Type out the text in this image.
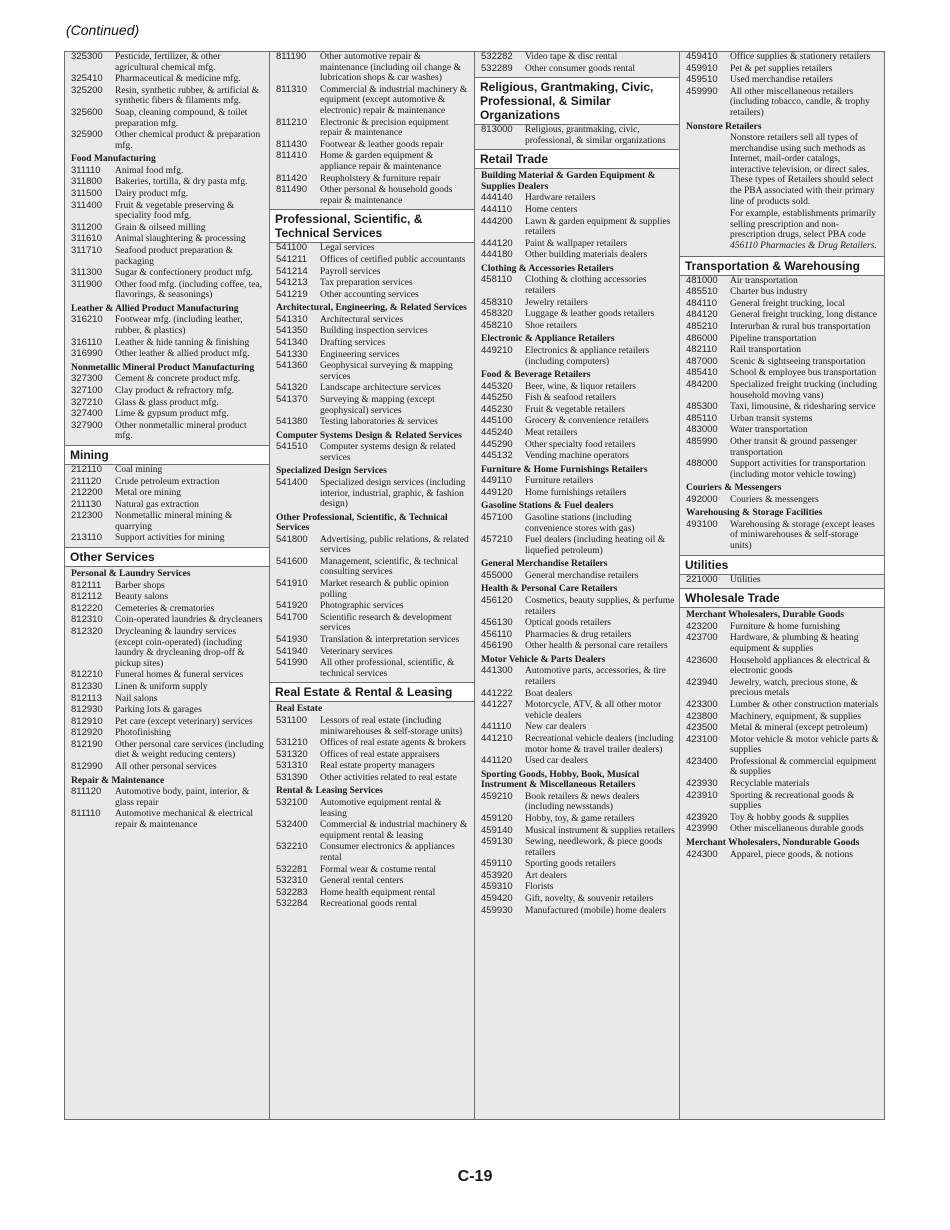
(Continued)
325300	Pesticide, fertilizer, & other agricultural chemical mfg.
325410	Pharmaceutical & medicine mfg.
325200	Resin, synthetic rubber, & artificial & synthetic fibers & filaments mfg.
325600	Soap, cleaning compound, & toilet preparation mfg.
325900	Other chemical product & preparation mfg.
Food Manufacturing
311110	Animal food mfg.
311800	Bakeries, tortilla, & dry pasta mfg.
311500	Dairy product mfg.
311400	Fruit & vegetable preserving & speciality food mfg.
311200	Grain & oilseed milling
311610	Animal slaughtering & processing
311710	Seafood product preparation & packaging
311300	Sugar & confectionery product mfg.
311900	Other food mfg. (including coffee, tea, flavorings, & seasonings)
Leather & Allied Product Manufacturing
316210	Footwear mfg. (including leather, rubber, & plastics)
316110	Leather & hide tanning & finishing
316990	Other leather & allied product mfg.
Nonmetallic Mineral Product Manufacturing
327300	Cement & concrete product mfg.
327100	Clay product & refractory mfg.
327210	Glass & glass product mfg.
327400	Lime & gypsum product mfg.
327900	Other nonmetallic mineral product mfg.
Mining
212110	Coal mining
211120	Crude petroleum extraction
212200	Metal ore mining
211130	Natural gas extraction
212300	Nonmetallic mineral mining & quarrying
213110	Support activities for mining
Other Services
Personal & Laundry Services
812111	Barber shops
812112	Beauty salons
812220	Cemeteries & crematories
812310	Coin-operated laundries & drycleaners
812320	Drycleaning & laundry services (except coin-operated) (including laundry & drycleaning drop-off & pickup sites)
812210	Funeral homes & funeral services
812330	Linen & uniform supply
812113	Nail salons
812930	Parking lots & garages
812910	Pet care (except veterinary) services
812920	Photofinishing
812190	Other personal care services (including diet & weight reducing centers)
812990	All other personal services
Repair & Maintenance
811120	Automotive body, paint, interior, & glass repair
811110	Automotive mechanical & electrical repair & maintenance
811190	Other automotive repair & maintenance (including oil change & lubrication shops & car washes)
811310	Commercial & industrial machinery & equipment (except automotive & electronic) repair & maintenance
811210	Electronic & precision equipment repair & maintenance
811430	Footwear & leather goods repair
811410	Home & garden equipment & appliance repair & maintenance
811420	Reupholstery & furniture repair
811490	Other personal & household goods repair & maintenance
Professional, Scientific, & Technical Services
541100	Legal services
541211	Offices of certified public accountants
541214	Payroll services
541213	Tax preparation services
541219	Other accounting services
Architectural, Engineering, & Related Services
541310	Architectural services
541350	Building inspection services
541340	Drafting services
541330	Engineering services
541360	Geophysical surveying & mapping services
541320	Landscape architecture services
541370	Surveying & mapping (except geophysical) services
541380	Testing laboratories & services
Computer Systems Design & Related Services
541510	Computer systems design & related services
Specialized Design Services
541400	Specialized design services (including interior, industrial, graphic, & fashion design)
Other Professional, Scientific, & Technical Services
541800	Advertising, public relations, & related services
541600	Management, scientific, & technical consulting services
541910	Market research & public opinion polling
541920	Photographic services
541700	Scientific research & development services
541930	Translation & interpretation services
541940	Veterinary services
541990	All other professional, scientific, & technical services
Real Estate & Rental & Leasing
Real Estate
531100	Lessors of real estate (including miniwarehouses & self-storage units)
531210	Offices of real estate agents & brokers
531320	Offices of real estate appraisers
531310	Real estate property managers
531390	Other activities related to real estate
Rental & Leasing Services
532100	Automotive equipment rental & leasing
532400	Commercial & industrial machinery & equipment rental & leasing
532210	Consumer electronics & appliances rental
532281	Formal wear & costume rental
532310	General rental centers
532283	Home health equipment rental
532284	Recreational goods rental
532282	Video tape & disc rental
532289	Other consumer goods rental
Religious, Grantmaking, Civic, Professional, & Similar Organizations
813000	Religious, grantmaking, civic, professional, & similar organizations
Retail Trade
Building Material & Garden Equipment & Supplies Dealers
444140	Hardware retailers
444110	Home centers
444200	Lawn & garden equipment & supplies retailers
444120	Paint & wallpaper retailers
444180	Other building materials dealers
Clothing & Accessories Retailers
458110	Clothing & clothing accessories retailers
458310	Jewelry retailers
458320	Luggage & leather goods retailers
458210	Shoe retailers
Electronic & Appliance Retailers
449210	Electronics & appliance retailers (including computers)
Food & Beverage Retailers
445320	Beer, wine, & liquor retailers
445250	Fish & seafood retailers
445230	Fruit & vegetable retailers
445100	Grocery & convenience retailers
445240	Meat retailers
445290	Other specialty food retailers
445132	Vending machine operators
Furniture & Home Furnishings Retailers
449110	Furniture retailers
449120	Home furnishings retailers
Gasoline Stations & Fuel dealers
457100	Gasoline stations (including convenience stores with gas)
457210	Fuel dealers (including heating oil & liquefied petroleum)
General Merchandise Retailers
455000	General merchandise retailers
Health & Personal Care Retailers
456120	Cosmetics, beauty supplies, & perfume retailers
456130	Optical goods retailers
456110	Pharmacies & drug retailers
456190	Other health & personal care retailers
Motor Vehicle & Parts Dealers
441300	Automotive parts, accessories, & tire retailers
441222	Boat dealers
441227	Motorcycle, ATV, & all other motor vehicle dealers
441110	New car dealers
441210	Recreational vehicle dealers (including motor home & travel trailer dealers)
441120	Used car dealers
Sporting Goods, Hobby, Book, Musical Instrument & Miscellaneous Retailers
459210	Book retailers & news dealers (including newsstands)
459120	Hobby, toy, & game retailers
459140	Musical instrument & supplies retailers
459130	Sewing, needlework, & piece goods retailers
459110	Sporting goods retailers
453920	Art dealers
459310	Florists
459420	Gift, novelty, & souvenir retailers
459930	Manufactured (mobile) home dealers
459410	Office supplies & stationery retailers
459910	Pet & pet supplies retailers
459510	Used merchandise retailers
459990	All other miscellaneous retailers (including tobacco, candle, & trophy retailers)
Nonstore Retailers
Nonstore retailers sell all types of merchandise using such methods as Internet, mail-order catalogs, interactive television, or direct sales. These types of Retailers should select the PBA associated with their primary line of products sold.
For example, establishments primarily selling prescription and non-prescription drugs, select PBA code 456110 Pharmacies & Drug Retailers.
Transportation & Warehousing
481000	Air transportation
485510	Charter bus industry
484110	General freight trucking, local
484120	General freight trucking, long distance
485210	Interurban & rural bus transportation
486000	Pipeline transportation
482110	Rail transportation
487000	Scenic & sightseeing transportation
485410	School & employee bus transportation
484200	Specialized freight trucking (including household moving vans)
485300	Taxi, limousine, & ridesharing service
485110	Urban transit systems
483000	Water transportation
485990	Other transit & ground passenger transportation
488000	Support activities for transportation (including motor vehicle towing)
Couriers & Messengers
492000	Couriers & messengers
Warehousing & Storage Facilities
493100	Warehousing & storage (except leases of miniwarehouses & self-storage units)
Utilities
221000	Utilities
Wholesale Trade
Merchant Wholesalers, Durable Goods
423200	Furniture & home furnishing
423700	Hardware, & plumbing & heating equipment & supplies
423600	Household appliances & electrical & electronic goods
423940	Jewelry, watch, precious stone, & precious metals
423300	Lumber & other construction materials
423800	Machinery, equipment, & supplies
423500	Metal & mineral (except petroleum)
423100	Motor vehicle & motor vehicle parts & supplies
423400	Professional & commercial equipment & supplies
423930	Recyclable materials
423910	Sporting & recreational goods & supplies
423920	Toy & hobby goods & supplies
423990	Other miscellaneous durable goods
Merchant Wholesalers, Nondurable Goods
424300	Apparel, piece goods, & notions
C-19
